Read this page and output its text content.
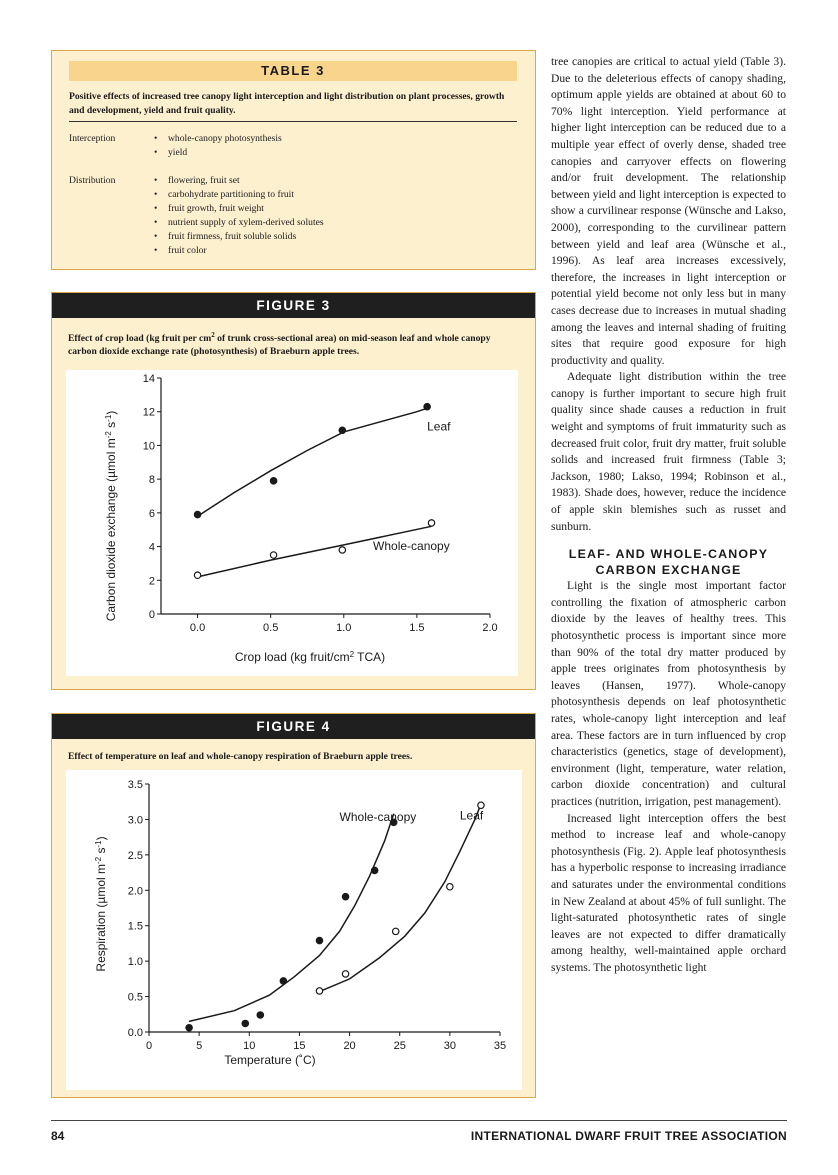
TABLE 3
Positive effects of increased tree canopy light interception and light distribution on plant processes, growth and development, yield and fruit quality.
Interception	• whole-canopy photosynthesis
• yield
Distribution	• flowering, fruit set
• carbohydrate partitioning to fruit
• fruit growth, fruit weight
• nutrient supply of xylem-derived solutes
• fruit firmness, fruit soluble solids
• fruit color
FIGURE 3
Effect of crop load (kg fruit per $cm^2$ of trunk cross-sectional area) on mid-season leaf and whole canopy carbon dioxide exchange rate (photosynthesis) of Braeburn apple trees.
Carbon dioxide exchange (µmol $m^{-2}$ $s^{-1}$)
Crop load (kg fruit/$cm^2$ TCA)
0
2
4
6
8
10
12
14
0.0	0.5	1.0	1.5	2.0
Leaf
Whole-canopy
FIGURE 4
Effect of temperature on leaf and whole-canopy respiration of Braeburn apple trees.
Respiration (µmol $m^{-2}$ $s^{-1}$)
Temperature (˚C)
0.0
0.5
1.0
1.5
2.0
2.5
3.0
3.5
0	5	10	15	20	25	30	35
Whole-canopy	Leaf

tree canopies are critical to actual yield (Table 3). Due to the deleterious effects of canopy shading, optimum apple yields are obtained at about 60 to 70% light interception. Yield performance at higher light interception can be reduced due to a multiple year effect of overly dense, shaded tree canopies and carryover effects on flowering and/or fruit development. The relationship between yield and light interception is expected to show a curvilinear response (Wünsche and Lakso, 2000), corresponding to the curvilinear pattern between yield and leaf area (Wünsche et al., 1996). As leaf area increases excessively, therefore, the increases in light interception or potential yield become not only less but in many cases decrease due to increases in mutual shading among the leaves and internal shading of fruiting sites that require good exposure for high productivity and quality.

Adequate light distribution within the tree canopy is further important to secure high fruit quality since shade causes a reduction in fruit weight and symptoms of fruit immaturity such as decreased fruit color, fruit dry matter, fruit soluble solids and increased fruit firmness (Table 3; Jackson, 1980; Lakso, 1994; Robinson et al., 1983). Shade does, however, reduce the incidence of apple skin blemishes such as russet and sunburn.

LEAF- AND WHOLE-CANOPY
CARBON EXCHANGE

Light is the single most important factor controlling the fixation of atmospheric carbon dioxide by the leaves of healthy trees. This photosynthetic process is important since more than 90% of the total dry matter produced by apple trees originates from photosynthesis by leaves (Hansen, 1977). Whole-canopy photosynthesis depends on leaf photosynthetic rates, whole-canopy light interception and leaf area. These factors are in turn influenced by crop characteristics (genetics, stage of development), environment (light, temperature, water relation, carbon dioxide concentration) and cultural practices (nutrition, irrigation, pest management).

Increased light interception offers the best method to increase leaf and whole-canopy photosynthesis (Fig. 2). Apple leaf photosynthesis has a hyperbolic response to increasing irradiance and saturates under the environmental conditions in New Zealand at about 45% of full sunlight. The light-saturated photosynthetic rates of single leaves are not expected to differ dramatically among healthy, well-maintained apple orchard systems. The photosynthetic light

84	INTERNATIONAL DWARF FRUIT TREE ASSOCIATION
